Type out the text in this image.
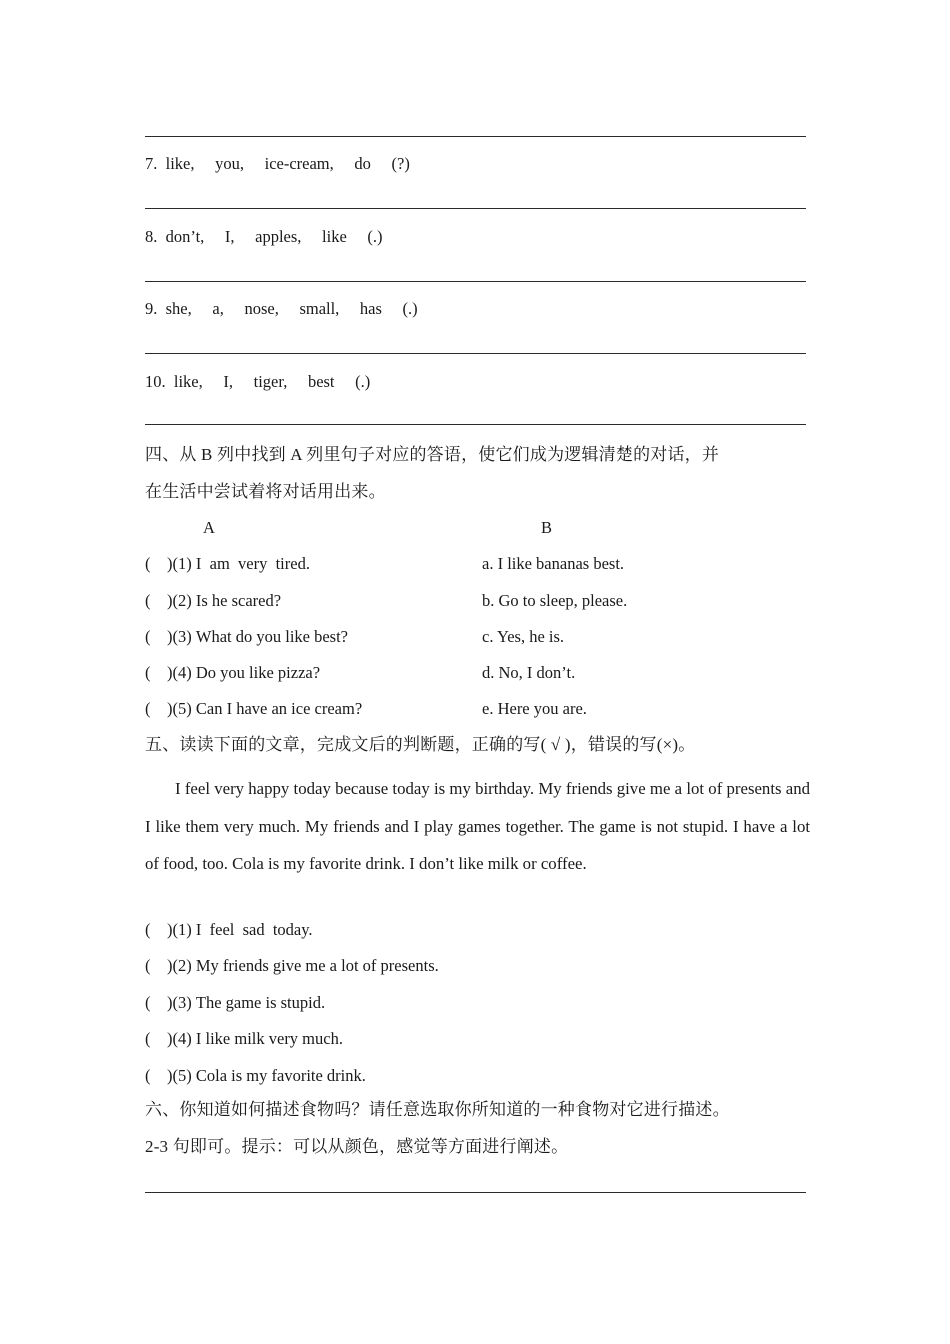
7.  like,     you,     ice-cream,     do     (?)
8.  don’t,     I,     apples,     like     (.)
9.  she,     a,     nose,     small,     has     (.)
10.  like,     I,     tiger,     best     (.)
四、从 B 列中找到 A 列里句子对应的答语，使它们成为逻辑清楚的对话，并
在生活中尝试着将对话用出来。
A	B
( )(1) I  am  very  tired.	a. I like bananas best.
( )(2) Is he scared?	b. Go to sleep, please.
( )(3) What do you like best?	c. Yes, he is.
( )(4) Do you like pizza?	d. No, I don’t.
( )(5) Can I have an ice cream?	e. Here you are.
五、读读下面的文章，完成文后的判断题，正确的写( √ )，错误的写(×)。
I feel very happy today because today is my birthday. My friends give me a lot of presents and I like them very much. My friends and I play games together. The game is not stupid. I have a lot of food, too. Cola is my favorite drink. I don’t like milk or coffee.
( )(1) I  feel  sad  today.
( )(2) My friends give me a lot of presents.
( )(3) The game is stupid.
( )(4) I like milk very much.
( )(5) Cola is my favorite drink.
六、你知道如何描述食物吗？请任意选取你所知道的一种食物对它进行描述。
2-3 句即可。提示：可以从颜色，感觉等方面进行阐述。
